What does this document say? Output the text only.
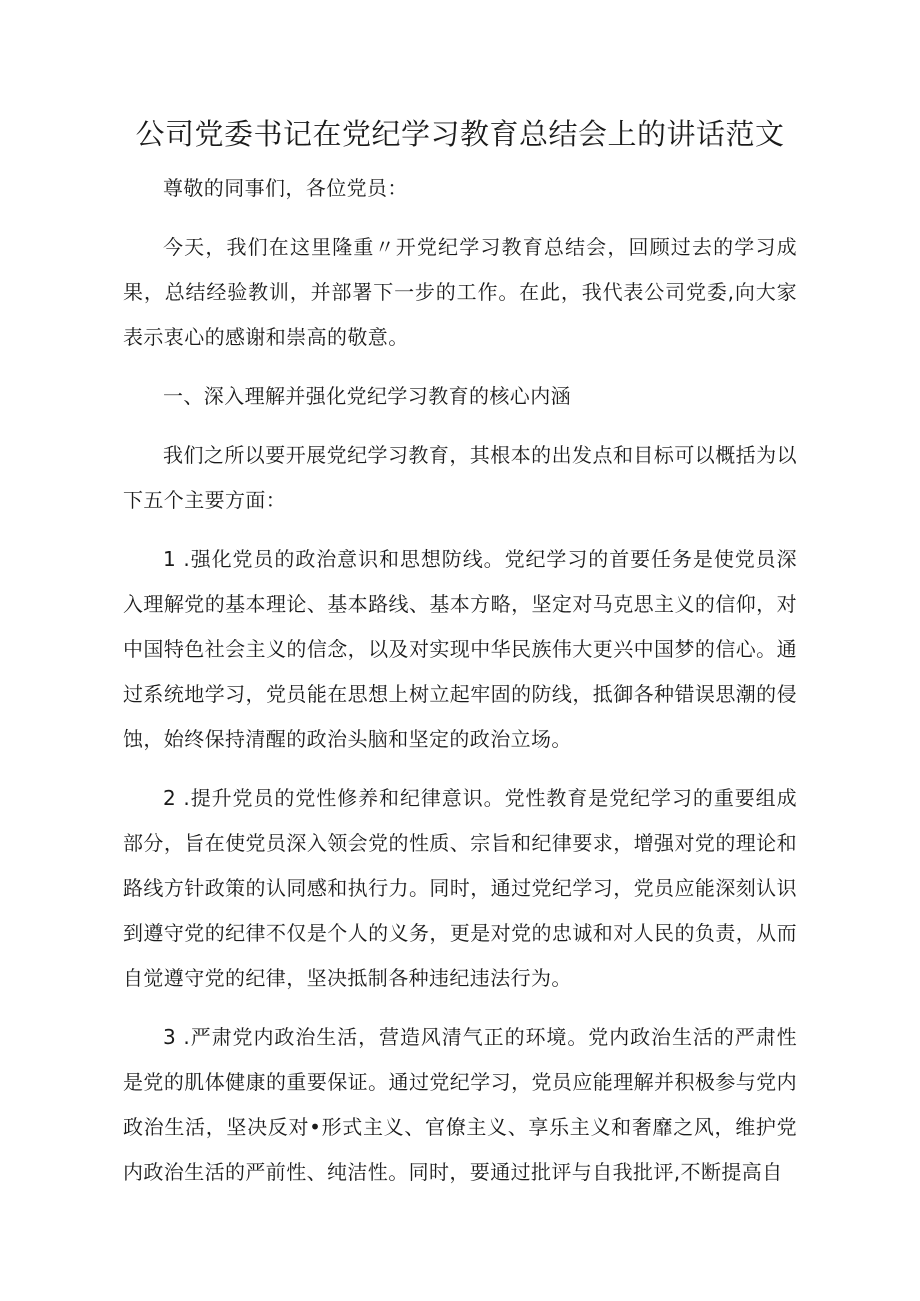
公司党委书记在党纪学习教育总结会上的讲话范文

尊敬的同事们，各位党员：

今天，我们在这里隆重〃开党纪学习教育总结会，回顾过去的学习成果，总结经验教训，并部署下一步的工作。在此，我代表公司党委,向大家表示衷心的感谢和崇高的敬意。

一、深入理解并强化党纪学习教育的核心内涵

我们之所以要开展党纪学习教育，其根本的出发点和目标可以概括为以下五个主要方面：

1 .强化党员的政治意识和思想防线。党纪学习的首要任务是使党员深入理解党的基本理论、基本路线、基本方略，坚定对马克思主义的信仰，对中国特色社会主义的信念，以及对实现中华民族伟大更兴中国梦的信心。通过系统地学习，党员能在思想上树立起牢固的防线，抵御各种错误思潮的侵蚀，始终保持清醒的政治头脑和坚定的政治立场。

2 .提升党员的党性修养和纪律意识。党性教育是党纪学习的重要组成部分，旨在使党员深入领会党的性质、宗旨和纪律要求，增强对党的理论和路线方针政策的认同感和执行力。同时，通过党纪学习，党员应能深刻认识到遵守党的纪律不仅是个人的义务，更是对党的忠诚和对人民的负责，从而自觉遵守党的纪律，坚决抵制各种违纪违法行为。

3 .严肃党内政治生活，营造风清气正的环境。党内政治生活的严肃性是党的肌体健康的重要保证。通过党纪学习，党员应能理解并积极参与党内政治生活，坚决反对•形式主义、官僚主义、享乐主义和奢靡之风，维护党内政治生活的严前性、纯洁性。同时，要通过批评与自我批评,不断提高自
